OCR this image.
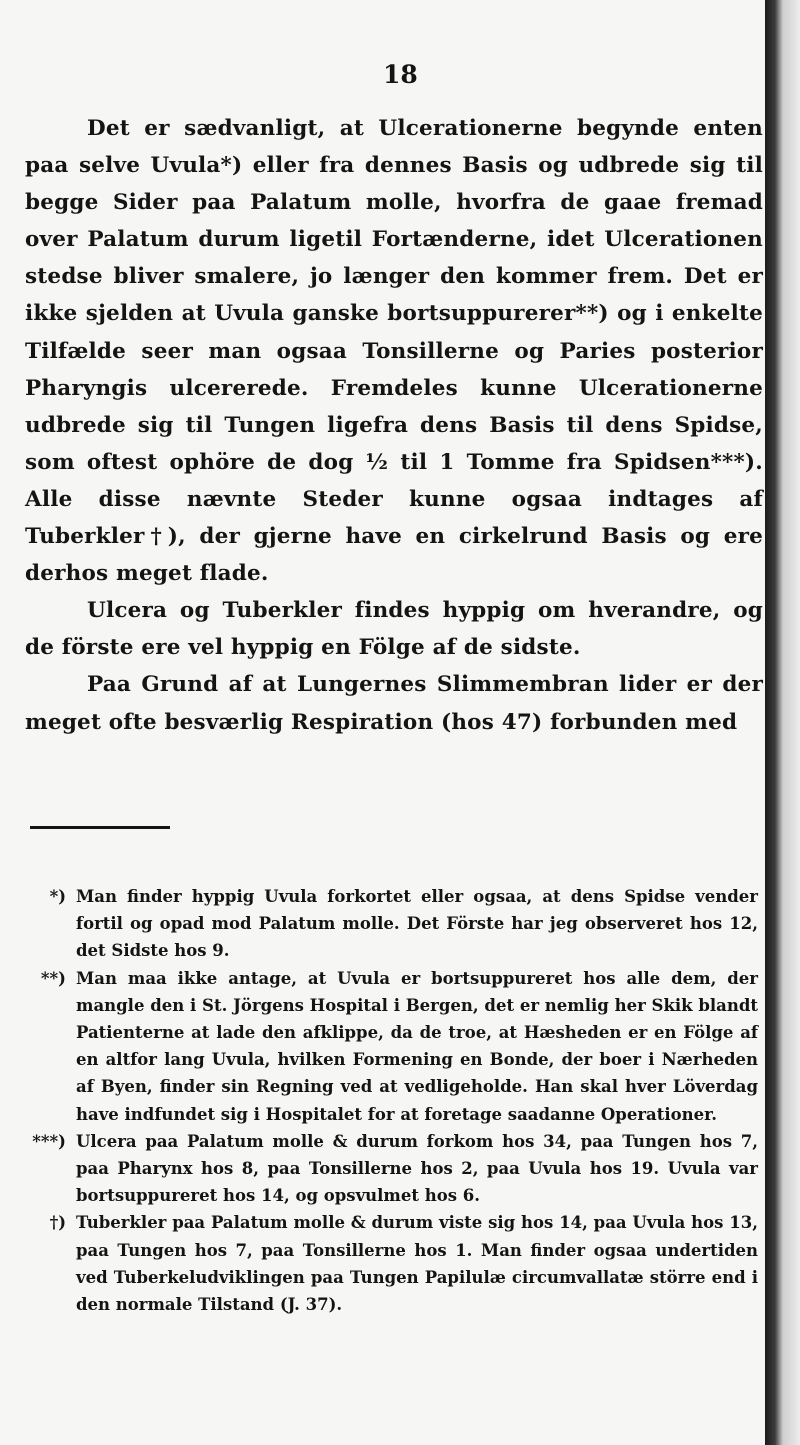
18

Det er sædvanligt, at Ulcerationerne begynde enten paa selve Uvula*) eller fra dennes Basis og udbrede sig til begge Sider paa Palatum molle, hvorfra de gaae fremad over Palatum durum ligetil Fortænderne, idet Ulcerationen stedse bliver smalere, jo længer den kommer frem. Det er ikke sjelden at Uvula ganske bortsuppurerer**) og i enkelte Tilfælde seer man ogsaa Tonsillerne og Paries posterior Pharyngis ulcererede. Fremdeles kunne Ulcerationerne udbrede sig til Tungen ligefra dens Basis til dens Spidse, som oftest ophöre de dog ½ til 1 Tomme fra Spidsen***). Alle disse nævnte Steder kunne ogsaa indtages af Tuberkler†), der gjerne have en cirkelrund Basis og ere derhos meget flade.

Ulcera og Tuberkler findes hyppig om hverandre, og de förste ere vel hyppig en Fölge af de sidste.

Paa Grund af at Lungernes Slimmembran lider er der meget ofte besværlig Respiration (hos 47) forbunden med

*) Man finder hyppig Uvula forkortet eller ogsaa, at dens Spidse vender fortil og opad mod Palatum molle. Det Förste har jeg observeret hos 12, det Sidste hos 9.
**) Man maa ikke antage, at Uvula er bortsuppureret hos alle dem, der mangle den i St. Jörgens Hospital i Bergen, det er nemlig her Skik blandt Patienterne at lade den afklippe, da de troe, at Hæsheden er en Fölge af en altfor lang Uvula, hvilken Formening en Bonde, der boer i Nærheden af Byen, finder sin Regning ved at vedligeholde. Han skal hver Löverdag have indfundet sig i Hospitalet for at foretage saadanne Operationer.
***) Ulcera paa Palatum molle & durum forkom hos 34, paa Tungen hos 7, paa Pharynx hos 8, paa Tonsillerne hos 2, paa Uvula hos 19. Uvula var bortsuppureret hos 14, og opsvulmet hos 6.
†) Tuberkler paa Palatum molle & durum viste sig hos 14, paa Uvula hos 13, paa Tungen hos 7, paa Tonsillerne hos 1. Man finder ogsaa undertiden ved Tuberkeludviklingen paa Tungen Papilulæ circumvallatæ större end i den normale Tilstand (J. 37).
